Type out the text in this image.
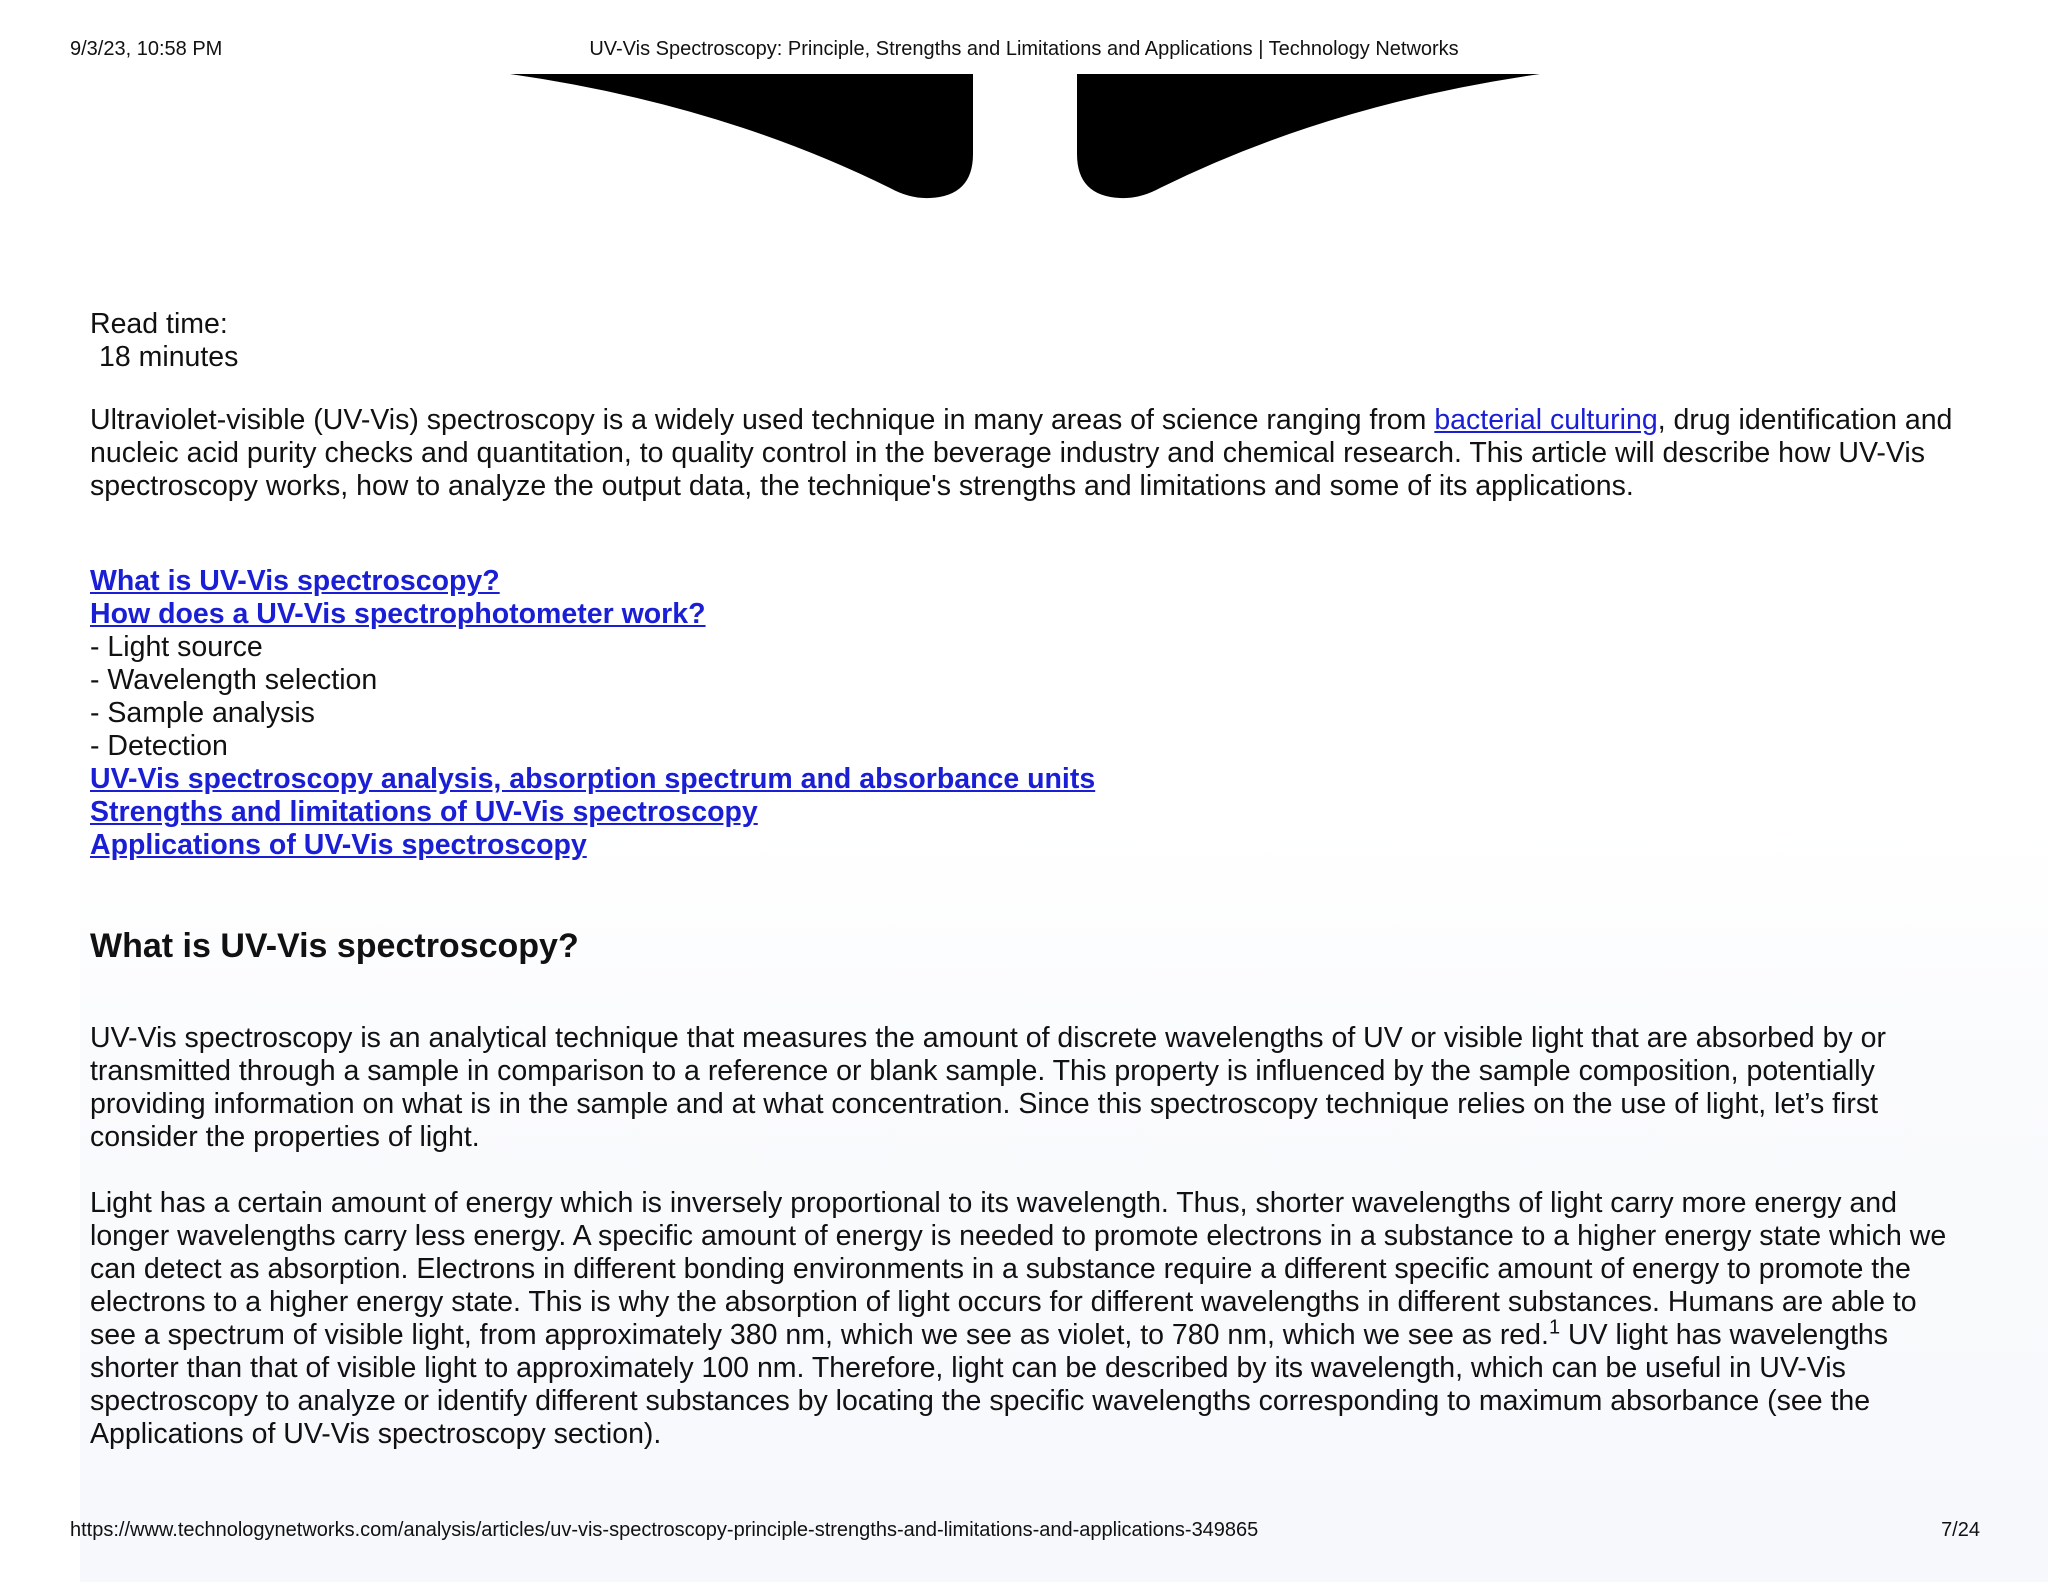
9/3/23, 10:58 PM	UV-Vis Spectroscopy: Principle, Strengths and Limitations and Applications | Technology Networks
Read time:
18 minutes

Ultraviolet-visible (UV-Vis) spectroscopy is a widely used technique in many areas of science ranging from bacterial culturing, drug identification and nucleic acid purity checks and quantitation, to quality control in the beverage industry and chemical research. This article will describe how UV-Vis spectroscopy works, how to analyze the output data, the technique's strengths and limitations and some of its applications.

What is UV-Vis spectroscopy?
How does a UV-Vis spectrophotometer work?
- Light source
- Wavelength selection
- Sample analysis
- Detection
UV-Vis spectroscopy analysis, absorption spectrum and absorbance units
Strengths and limitations of UV-Vis spectroscopy
Applications of UV-Vis spectroscopy
What is UV-Vis spectroscopy?

UV-Vis spectroscopy is an analytical technique that measures the amount of discrete wavelengths of UV or visible light that are absorbed by or transmitted through a sample in comparison to a reference or blank sample. This property is influenced by the sample composition, potentially providing information on what is in the sample and at what concentration. Since this spectroscopy technique relies on the use of light, let’s first consider the properties of light.

Light has a certain amount of energy which is inversely proportional to its wavelength. Thus, shorter wavelengths of light carry more energy and longer wavelengths carry less energy. A specific amount of energy is needed to promote electrons in a substance to a higher energy state which we can detect as absorption. Electrons in different bonding environments in a substance require a different specific amount of energy to promote the electrons to a higher energy state. This is why the absorption of light occurs for different wavelengths in different substances. Humans are able to see a spectrum of visible light, from approximately 380 nm, which we see as violet, to 780 nm, which we see as red.$^1$ UV light has wavelengths shorter than that of visible light to approximately 100 nm. Therefore, light can be described by its wavelength, which can be useful in UV-Vis spectroscopy to analyze or identify different substances by locating the specific wavelengths corresponding to maximum absorbance (see the Applications of UV-Vis spectroscopy section).

https://www.technologynetworks.com/analysis/articles/uv-vis-spectroscopy-principle-strengths-and-limitations-and-applications-349865	7/24
